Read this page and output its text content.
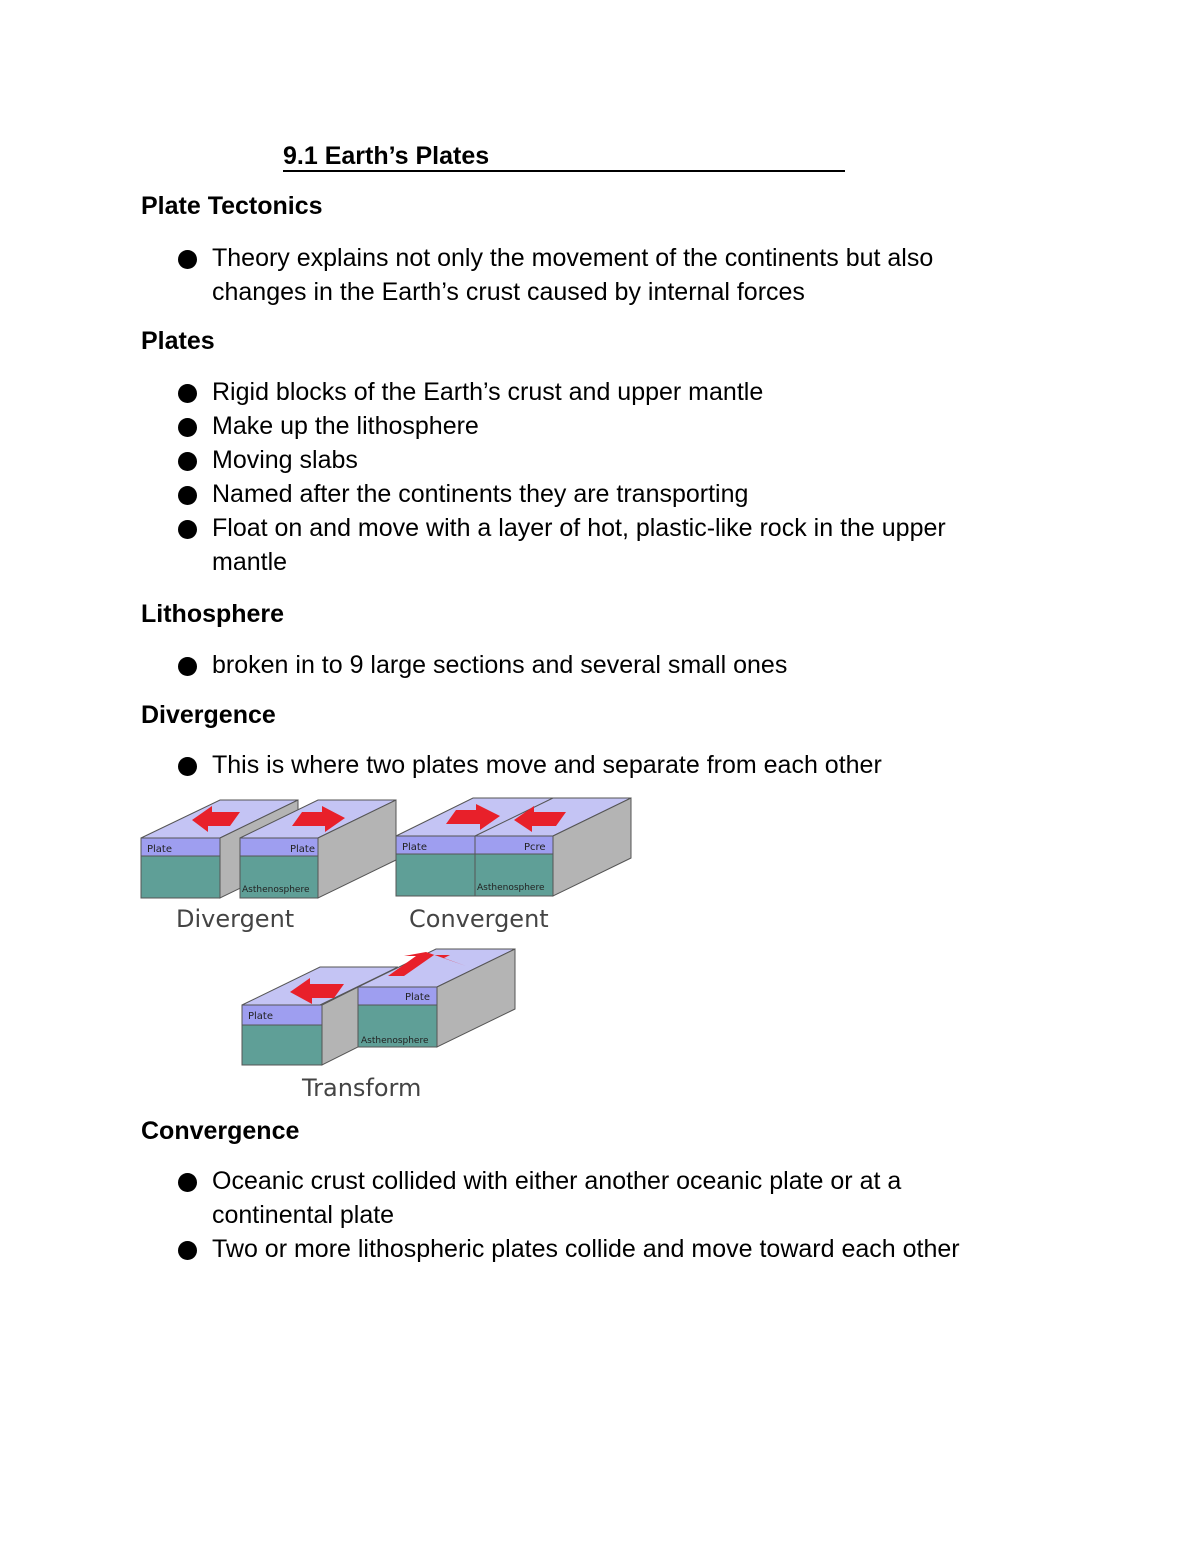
9.1 Earth’s Plates
Plate Tectonics
Theory explains not only the movement of the continents but also
changes in the Earth’s crust caused by internal forces
Plates
Rigid blocks of the Earth’s crust and upper mantle
Make up the lithosphere
Moving slabs
Named after the continents they are transporting
Float on and move with a layer of hot, plastic-like rock in the upper
mantle
Lithosphere
broken in to 9 large sections and several small ones
Divergence
This is where two plates move and separate from each other
Plate	Plate
Asthenosphere
Plate	Pcre
Asthenosphere
Plate
Plate
Asthenosphere
Divergent	Convergent
Transform
Convergence
Oceanic crust collided with either another oceanic plate or at a
continental plate
Two or more lithospheric plates collide and move toward each other
